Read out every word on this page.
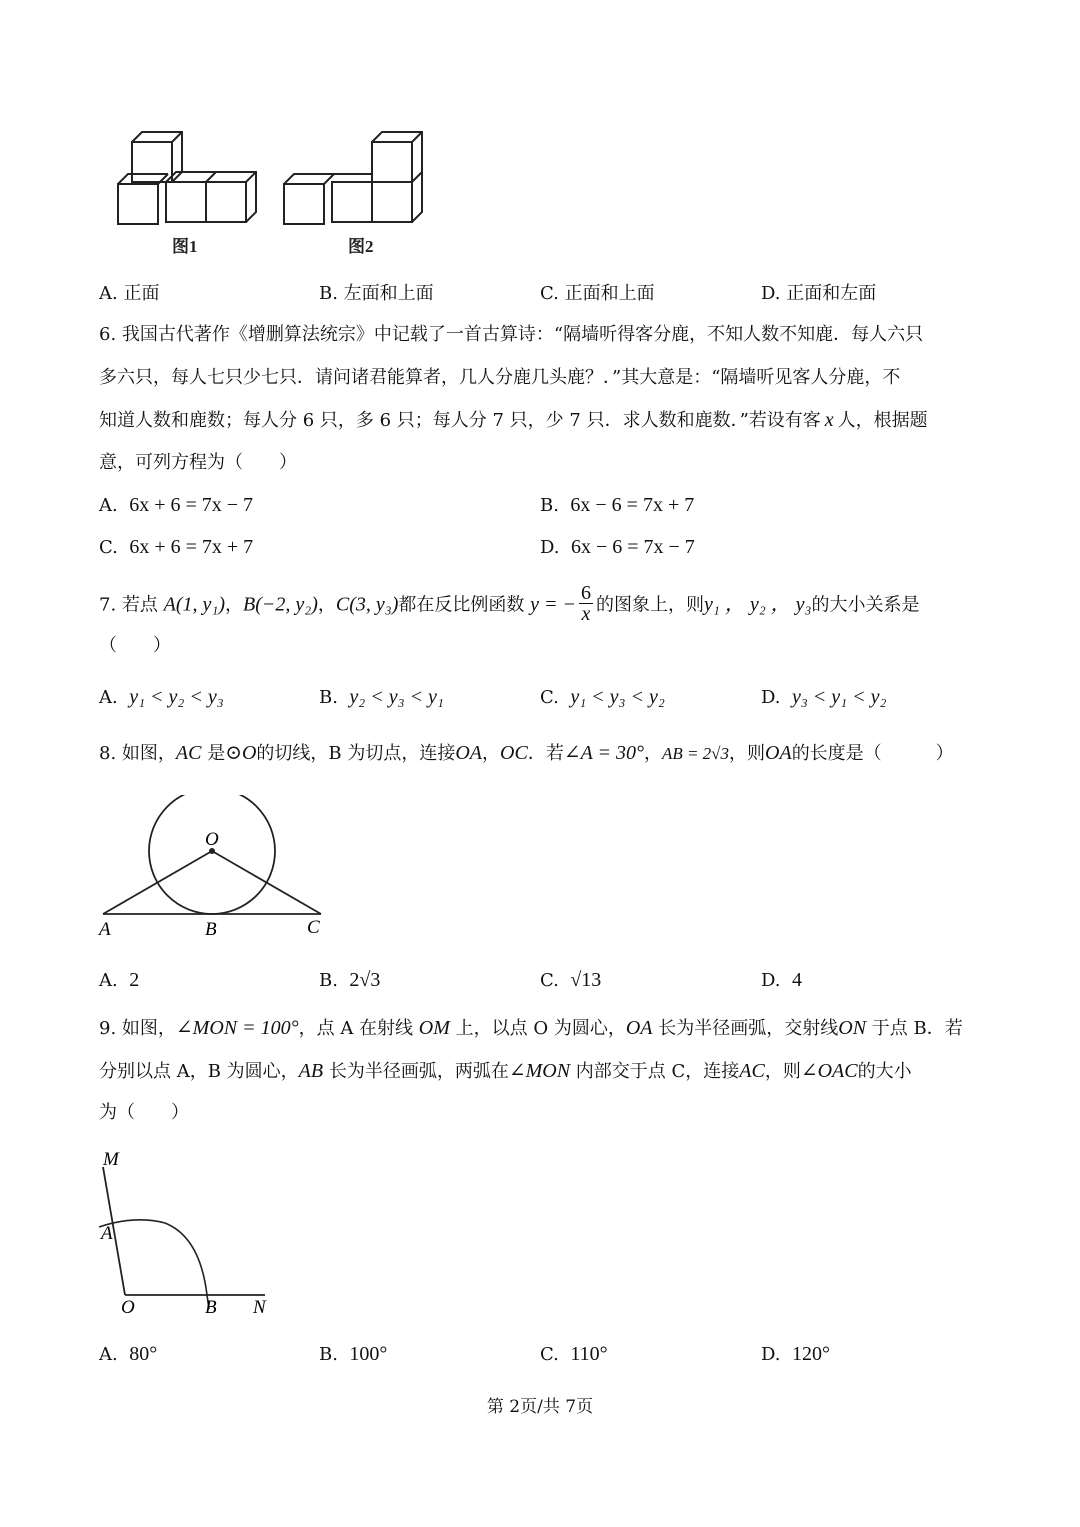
图1	图2
A. 正面	B. 左面和上面	C. 正面和上面	D. 正面和左面
6. 我国古代著作《增删算法统宗》中记载了一首古算诗：“隔墙听得客分鹿，不知人数不知鹿．每人六只
多六只，每人七只少七只．请问诸君能算者，几人分鹿几头鹿？．”其大意是：“隔墙听见客人分鹿，不
知道人数和鹿数；每人分 6 只，多 6 只；每人分 7 只，少 7 只．求人数和鹿数．”若设有客 x 人，根据题
意，可列方程为（　　）
A. 6x + 6 = 7x − 7	B. 6x − 6 = 7x + 7
C. 6x + 6 = 7x + 7	D. 6x − 6 = 7x − 7
7. 若点 A(1, y₁)，B(−2, y₂)，C(3, y₃)都在反比例函数 y = − $\frac{6}{x}$ 的图象上，则y₁ ， y₂ ， y₃的大小关系是
（　　）
A. y₁ < y₂ < y₃	B. y₂ < y₃ < y₁	C. y₁ < y₃ < y₂	D. y₃ < y₁ < y₂
8. 如图，AC 是⊙O的切线，B 为切点，连接OA，OC．若∠A = 30°，AB = 2√3，则OA的长度是（　　　）
O
A	B	C
A. 2	B. 2√3	C. √13	D. 4
9. 如图，∠MON = 100°，点 A 在射线 OM 上，以点 O 为圆心，OA 长为半径画弧，交射线ON 于点 B．若
分别以点 A，B 为圆心，AB 长为半径画弧，两弧在∠MON 内部交于点 C，连接AC，则∠OAC的大小
为（　　）
M
A
O	B N
A. 80°	B. 100°	C. 110°	D. 120°
第 2页/共 7页
